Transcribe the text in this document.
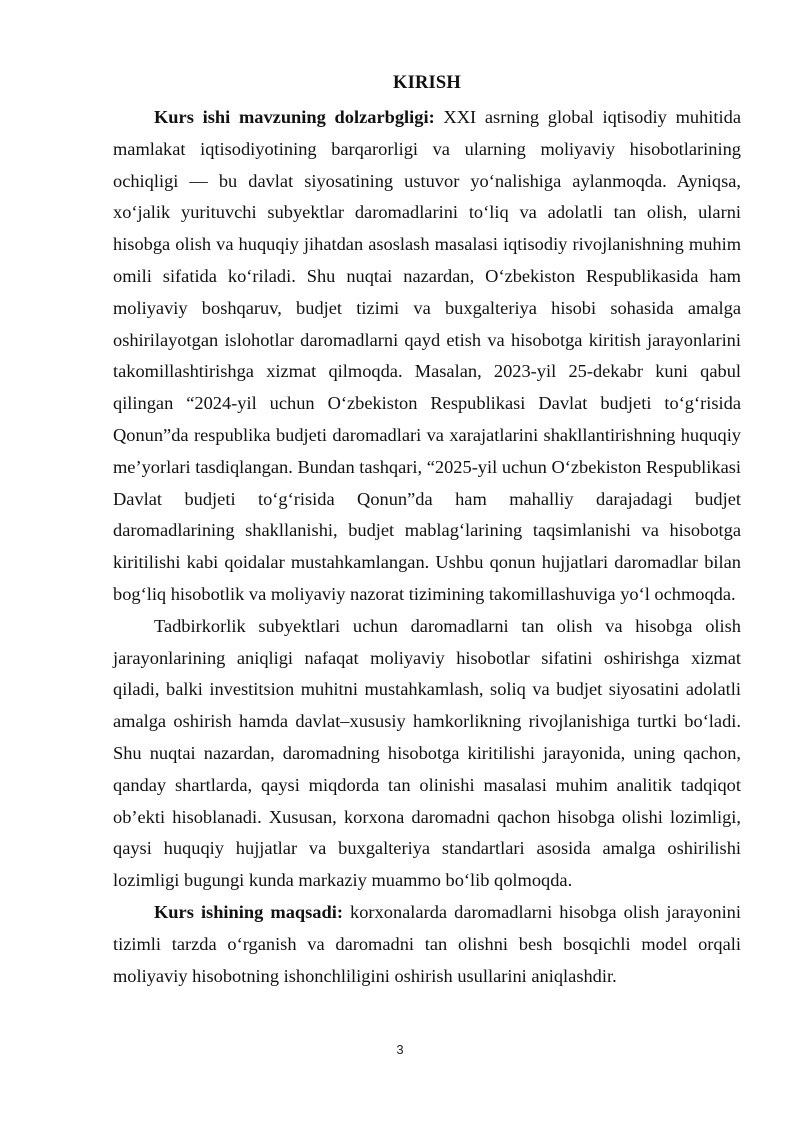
KIRISH

Kurs ishi mavzuning dolzarbgligi: XXI asrning global iqtisodiy muhitida mamlakat iqtisodiyotining barqarorligi va ularning moliyaviy hisobotlarining ochiqligi — bu davlat siyosatining ustuvor yo‘nalishiga aylanmoqda. Ayniqsa, xo‘jalik yurituvchi subyektlar daromadlarini to‘liq va adolatli tan olish, ularni hisobga olish va huquqiy jihatdan asoslash masalasi iqtisodiy rivojlanishning muhim omili sifatida ko‘riladi. Shu nuqtai nazardan, O‘zbekiston Respublikasida ham moliyaviy boshqaruv, budjet tizimi va buxgalteriya hisobi sohasida amalga oshirilayotgan islohotlar daromadlarni qayd etish va hisobotga kiritish jarayonlarini takomillashtirishga xizmat qilmoqda. Masalan, 2023-yil 25-dekabr kuni qabul qilingan “2024-yil uchun O‘zbekiston Respublikasi Davlat budjeti to‘g‘risida Qonun”da respublika budjeti daromadlari va xarajatlarini shakllantirishning huquqiy me’yorlari tasdiqlangan. Bundan tashqari, “2025-yil uchun O‘zbekiston Respublikasi Davlat budjeti to‘g‘risida Qonun”da ham mahalliy darajadagi budjet daromadlarining shakllanishi, budjet mablag‘larining taqsimlanishi va hisobotga kiritilishi kabi qoidalar mustahkamlangan. Ushbu qonun hujjatlari daromadlar bilan bog‘liq hisobotlik va moliyaviy nazorat tizimining takomillashuviga yo‘l ochmoqda.

Tadbirkorlik subyektlari uchun daromadlarni tan olish va hisobga olish jarayonlarining aniqligi nafaqat moliyaviy hisobotlar sifatini oshirishga xizmat qiladi, balki investitsion muhitni mustahkamlash, soliq va budjet siyosatini adolatli amalga oshirish hamda davlat–xususiy hamkorlikning rivojlanishiga turtki bo‘ladi. Shu nuqtai nazardan, daromadning hisobotga kiritilishi jarayonida, uning qachon, qanday shartlarda, qaysi miqdorda tan olinishi masalasi muhim analitik tadqiqot ob’ekti hisoblanadi. Xususan, korxona daromadni qachon hisobga olishi lozimligi, qaysi huquqiy hujjatlar va buxgalteriya standartlari asosida amalga oshirilishi lozimligi bugungi kunda markaziy muammo bo‘lib qolmoqda.

Kurs ishining maqsadi: korxonalarda daromadlarni hisobga olish jarayonini tizimli tarzda o‘rganish va daromadni tan olishni besh bosqichli model orqali moliyaviy hisobotning ishonchliligini oshirish usullarini aniqlashdir.

3
